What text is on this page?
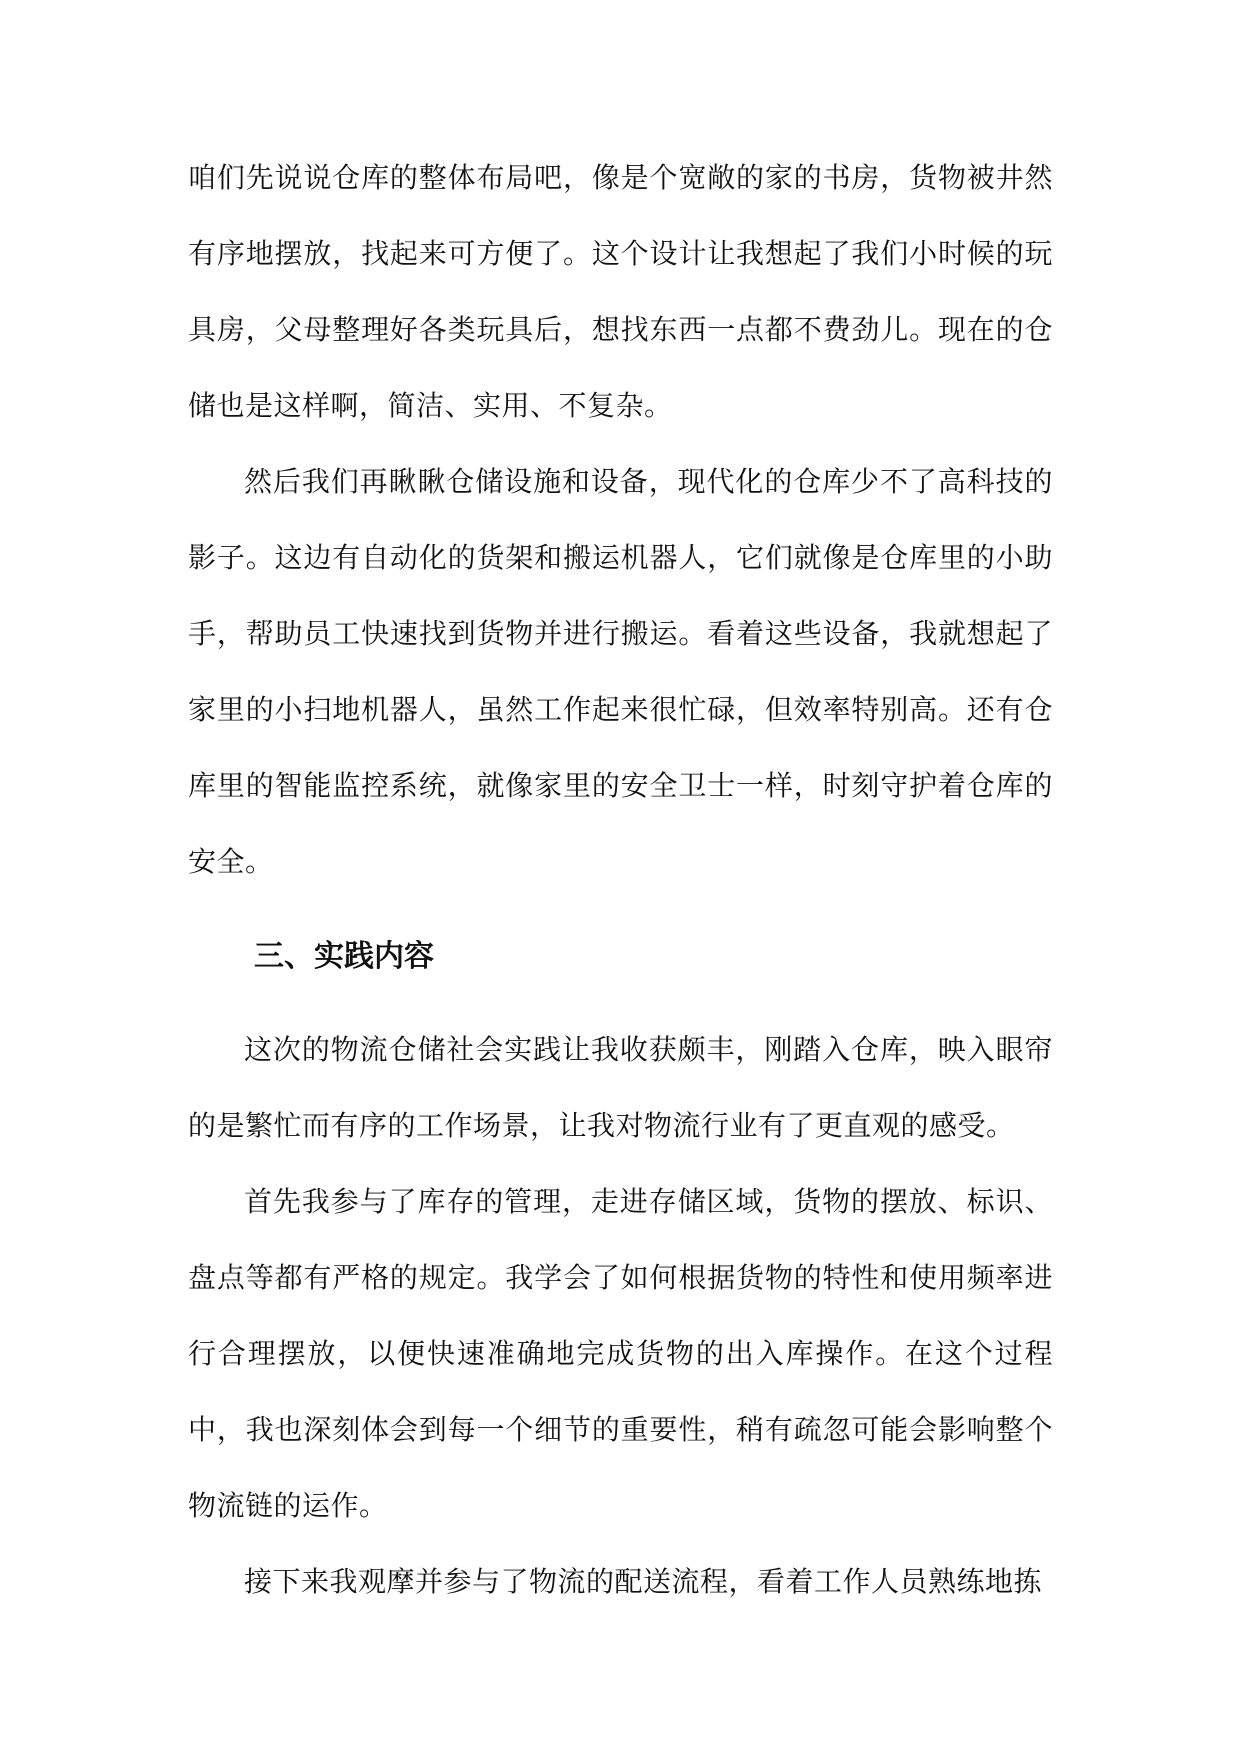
咱们先说说仓库的整体布局吧，像是个宽敞的家的书房，货物被井然有序地摆放，找起来可方便了。这个设计让我想起了我们小时候的玩具房，父母整理好各类玩具后，想找东西一点都不费劲儿。现在的仓储也是这样啊，简洁、实用、不复杂。

然后我们再瞅瞅仓储设施和设备，现代化的仓库少不了高科技的影子。这边有自动化的货架和搬运机器人，它们就像是仓库里的小助手，帮助员工快速找到货物并进行搬运。看着这些设备，我就想起了家里的小扫地机器人，虽然工作起来很忙碌，但效率特别高。还有仓库里的智能监控系统，就像家里的安全卫士一样，时刻守护着仓库的安全。

三、实践内容

这次的物流仓储社会实践让我收获颇丰，刚踏入仓库，映入眼帘的是繁忙而有序的工作场景，让我对物流行业有了更直观的感受。

首先我参与了库存的管理，走进存储区域，货物的摆放、标识、盘点等都有严格的规定。我学会了如何根据货物的特性和使用频率进行合理摆放，以便快速准确地完成货物的出入库操作。在这个过程中，我也深刻体会到每一个细节的重要性，稍有疏忽可能会影响整个物流链的运作。

接下来我观摩并参与了物流的配送流程，看着工作人员熟练地拣
